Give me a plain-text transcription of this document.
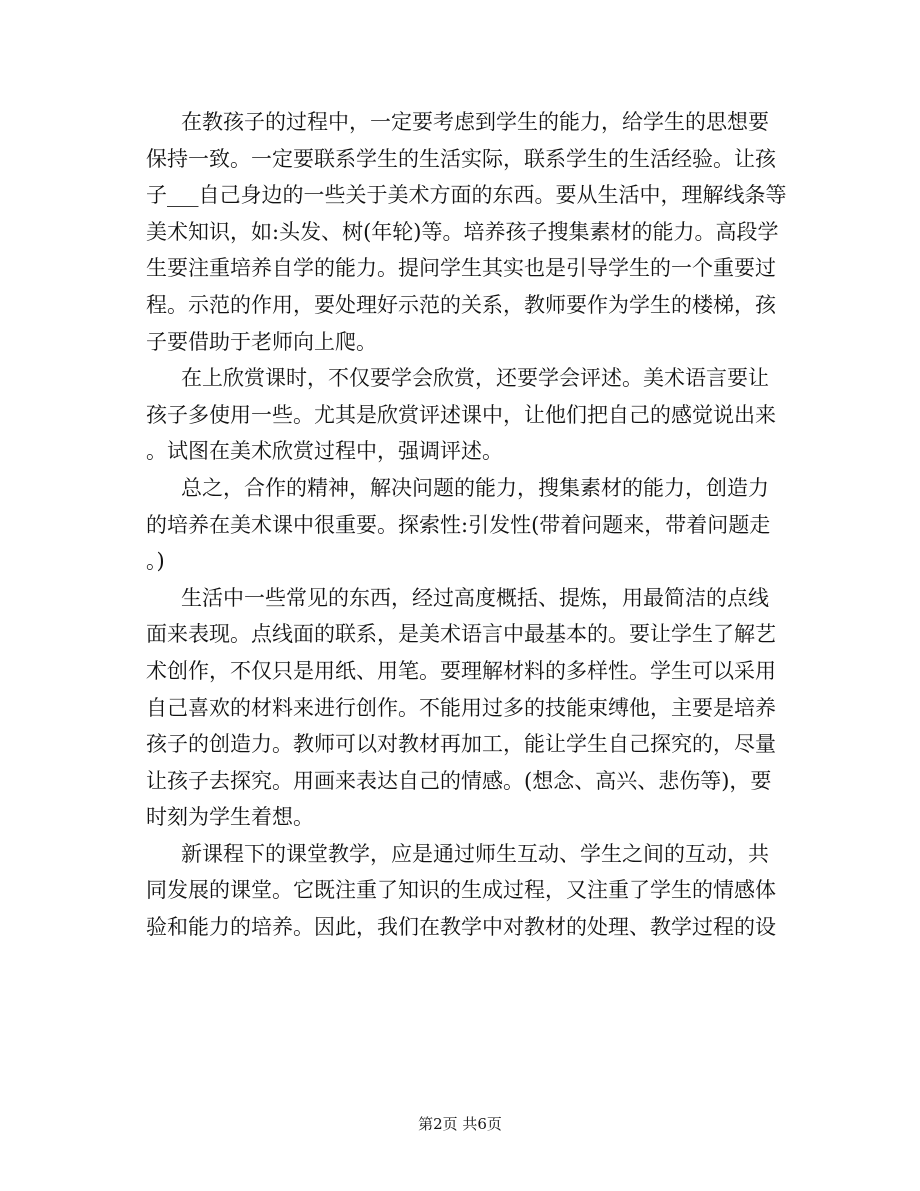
在教孩子的过程中，一定要考虑到学生的能力，给学生的思想要
保持一致。一定要联系学生的生活实际，联系学生的生活经验。让孩
子___自己身边的一些关于美术方面的东西。要从生活中，理解线条等
美术知识，如:头发、树(年轮)等。培养孩子搜集素材的能力。高段学
生要注重培养自学的能力。提问学生其实也是引导学生的一个重要过
程。示范的作用，要处理好示范的关系，教师要作为学生的楼梯，孩
子要借助于老师向上爬。
在上欣赏课时，不仅要学会欣赏，还要学会评述。美术语言要让
孩子多使用一些。尤其是欣赏评述课中，让他们把自己的感觉说出来
。试图在美术欣赏过程中，强调评述。
总之，合作的精神，解决问题的能力，搜集素材的能力，创造力
的培养在美术课中很重要。探索性:引发性(带着问题来，带着问题走
。)
生活中一些常见的东西，经过高度概括、提炼，用最简洁的点线
面来表现。点线面的联系，是美术语言中最基本的。要让学生了解艺
术创作，不仅只是用纸、用笔。要理解材料的多样性。学生可以采用
自己喜欢的材料来进行创作。不能用过多的技能束缚他，主要是培养
孩子的创造力。教师可以对教材再加工，能让学生自己探究的，尽量
让孩子去探究。用画来表达自己的情感。(想念、高兴、悲伤等)，要
时刻为学生着想。
新课程下的课堂教学，应是通过师生互动、学生之间的互动，共
同发展的课堂。它既注重了知识的生成过程，又注重了学生的情感体
验和能力的培养。因此，我们在教学中对教材的处理、教学过程的设
第2页 共6页
